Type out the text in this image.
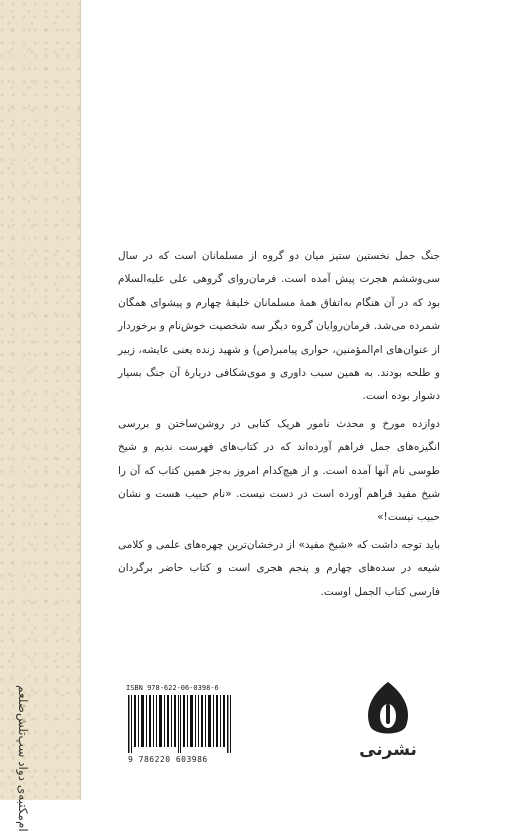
ام‌مکتبه‌ی دواد سپ‌تلش‌ضلعم

جنگ جمل نخستین ستیز میان دو گروه از مسلمانان است که در سال سی‌وششم هجرت پیش آمده است. فرمان‌روای گروهی علی علیه‌السلام بود که در آن هنگام به‌اتفاق همهٔ مسلمانان خلیفهٔ چهارم و پیشوای همگان شمرده می‌شد. فرمان‌روایان گروه دیگر سه شخصیت خوش‌نام و برخوردار از عنوان‌های ام‌المؤمنین، حواری پیامبر(ص) و شهید زنده یعنی عایشه، زبیر و طلحه بودند. به همین سبب داوری و موی‌شکافی دربارهٔ آن جنگ بسیار دشوار بوده است.

دوازده مورخ و محدث نامور هریک کتابی در روشن‌ساختن و بررسی انگیزه‌های جمل فراهم آورده‌اند که در کتاب‌های فهرست ندیم و شیخ طوسی نام آنها آمده است. و از هیچ‌کدام امروز به‌جز همین کتاب که آن را شیخ مفید فراهم آورده است در دست نیست. «نام حبیب هست و نشان حبیب نیست!»

باید توجه داشت که «شیخ مفید» از درخشان‌ترین چهره‌های علمی و کلامی شیعه در سده‌های چهارم و پنجم هجری است و کتاب حاضر برگردان فارسی کتاب الجمل اوست.

ISBN 978-622-06-0398-6
9 786220 603986	نشرنی
